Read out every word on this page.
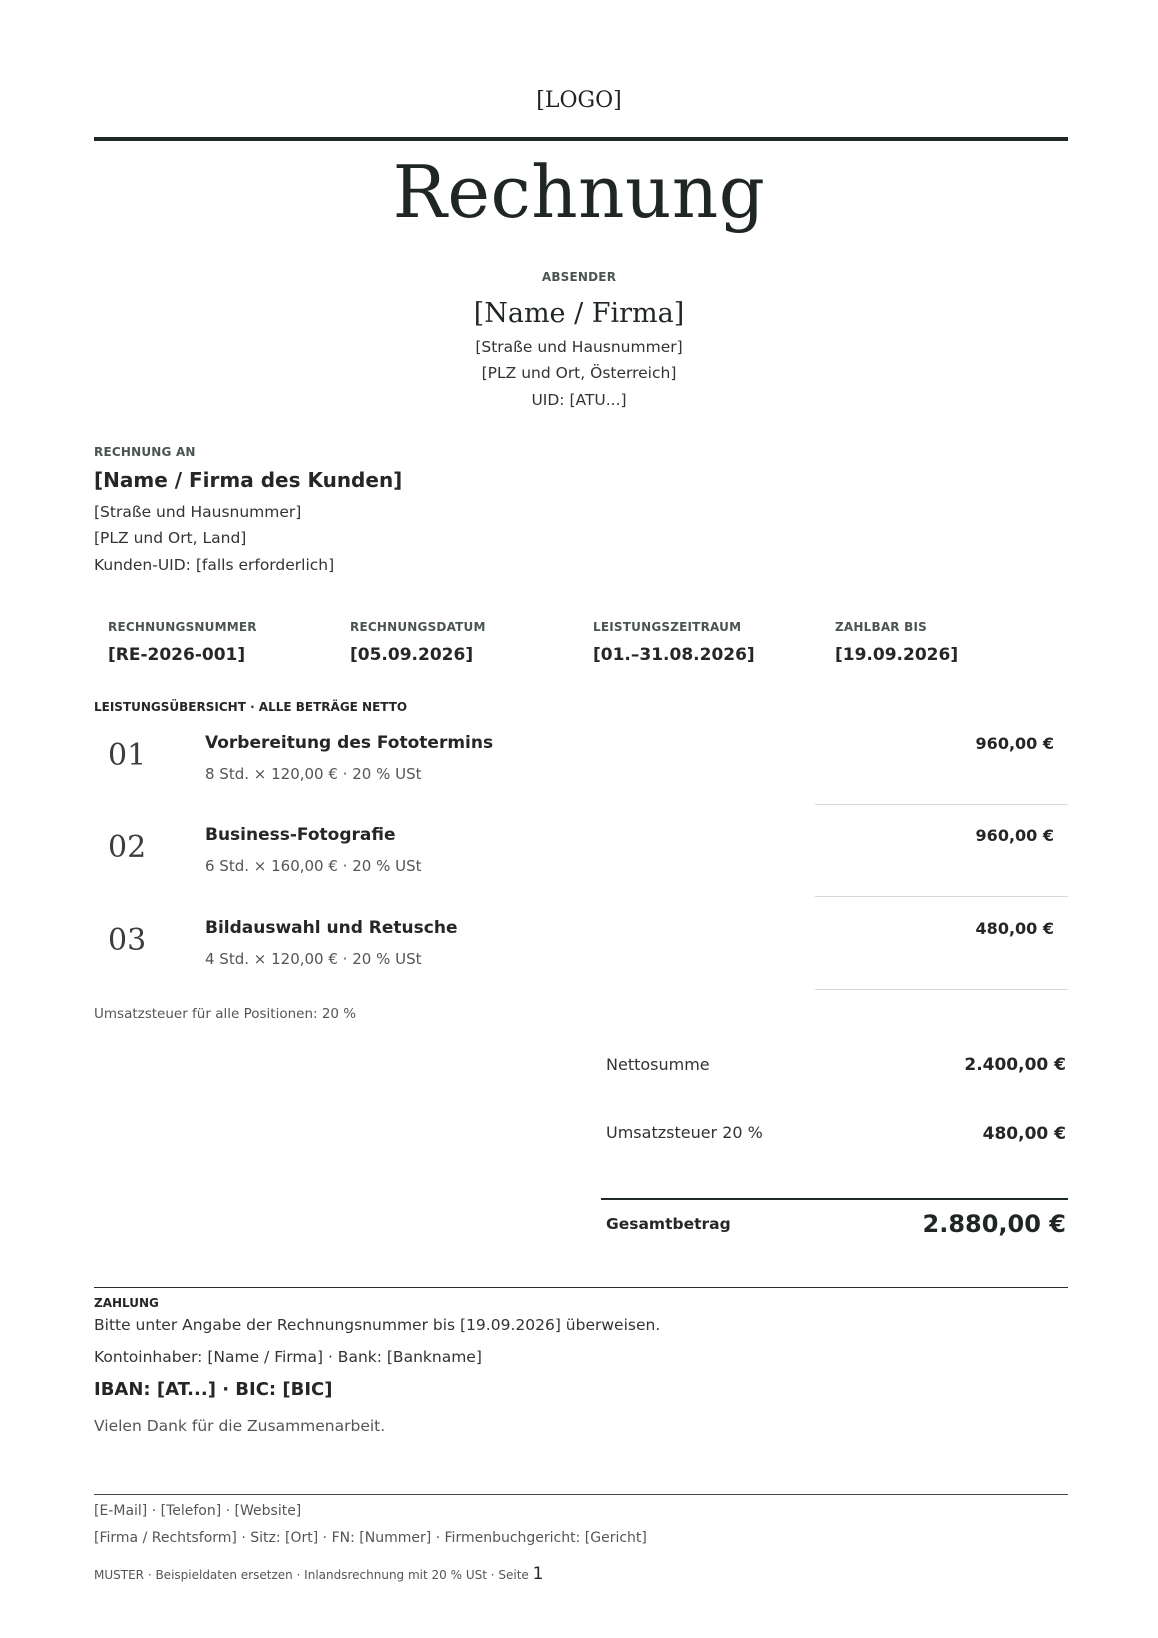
[LOGO]
Rechnung
ABSENDER
[Name / Firma]
[Straße und Hausnummer]
[PLZ und Ort, Österreich]
UID: [ATU...]
RECHNUNG AN
[Name / Firma des Kunden]
[Straße und Hausnummer]
[PLZ und Ort, Land]
Kunden-UID: [falls erforderlich]
RECHNUNGSNUMMER
[RE-2026-001]
RECHNUNGSDATUM
[05.09.2026]
LEISTUNGSZEITRAUM
[01.–31.08.2026]
ZAHLBAR BIS
[19.09.2026]
LEISTUNGSÜBERSICHT · ALLE BETRÄGE NETTO
01	Vorbereitung des Fototermins
8 Std. × 120,00 € · 20 % USt
960,00 €
02	Business-Fotografie
6 Std. × 160,00 € · 20 % USt
960,00 €
03	Bildauswahl und Retusche
4 Std. × 120,00 € · 20 % USt
480,00 €
Umsatzsteuer für alle Positionen: 20 %
Nettosumme	2.400,00 €
Umsatzsteuer 20 %	480,00 €
Gesamtbetrag	2.880,00 €
ZAHLUNG
Bitte unter Angabe der Rechnungsnummer bis [19.09.2026] überweisen.
Kontoinhaber: [Name / Firma] · Bank: [Bankname]
IBAN: [AT...] · BIC: [BIC]
Vielen Dank für die Zusammenarbeit.
[E-Mail] · [Telefon] · [Website]
[Firma / Rechtsform] · Sitz: [Ort] · FN: [Nummer] · Firmenbuchgericht: [Gericht]
MUSTER · Beispieldaten ersetzen · Inlandsrechnung mit 20 % USt · Seite 1
